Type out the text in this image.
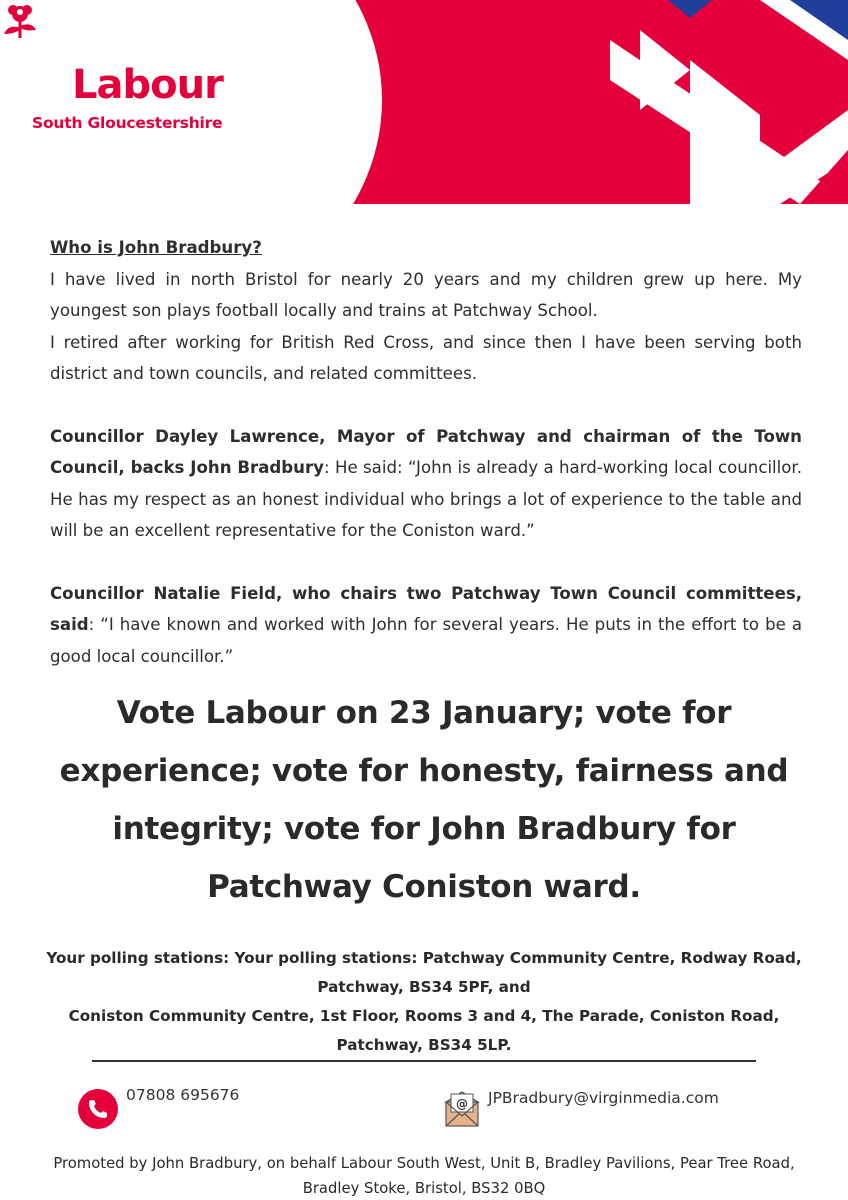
Labour
South Gloucestershire
Who is John Bradbury?

I have lived in north Bristol for nearly 20 years and my children grew up here. My youngest son plays football locally and trains at Patchway School.

I retired after working for British Red Cross, and since then I have been serving both district and town councils, and related committees.

Councillor Dayley Lawrence, Mayor of Patchway and chairman of the Town Council, backs John Bradbury: He said: “John is already a hard-working local councillor. He has my respect as an honest individual who brings a lot of experience to the table and will be an excellent representative for the Coniston ward.”

Councillor Natalie Field, who chairs two Patchway Town Council committees, said: “I have known and worked with John for several years. He puts in the effort to be a good local councillor.”

Vote Labour on 23 January; vote for experience; vote for honesty, fairness and integrity; vote for John Bradbury for Patchway Coniston ward.
Your polling stations: Your polling stations: Patchway Community Centre, Rodway Road, Patchway, BS34 5PF, and
Coniston Community Centre, 1st Floor, Rooms 3 and 4, The Parade, Coniston Road, Patchway, BS34 5LP.
07808 695676	@ JPBradbury@virginmedia.com
Promoted by John Bradbury, on behalf Labour South West, Unit B, Bradley Pavilions, Pear Tree Road, Bradley Stoke, Bristol, BS32 0BQ
